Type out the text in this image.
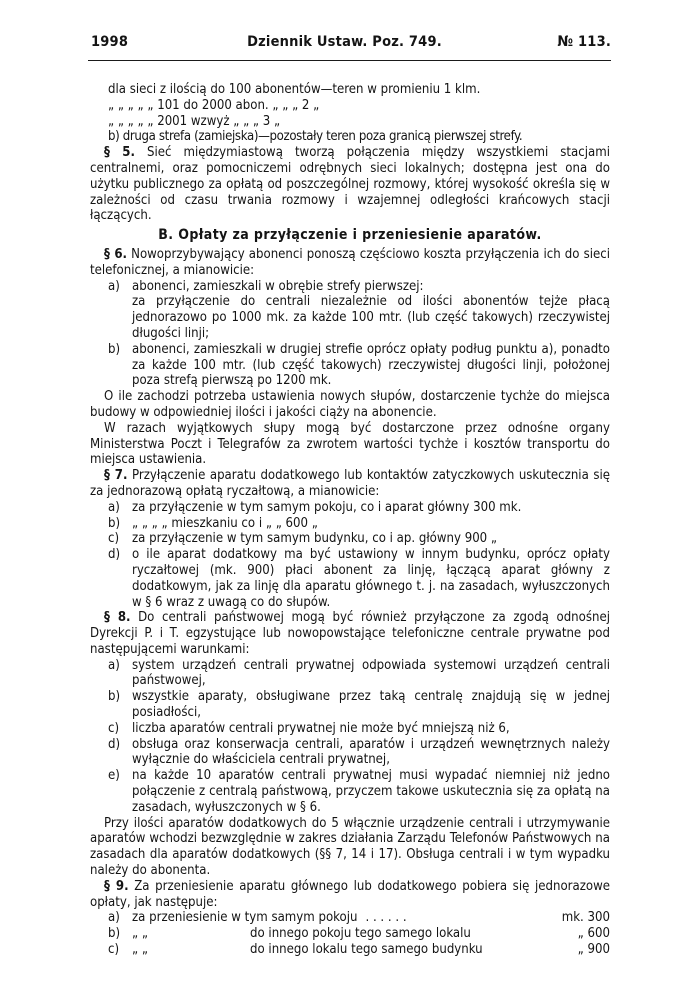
1998	Dziennik Ustaw. Poz. 749.	№ 113.
dla sieci z ilością do 100 abonentów—teren w promieniu 1 klm.
„ „ „ „ „ 101 do 2000 abon. „ „ „ 2 „
„ „ „ „ „ 2001 wzwyż „ „ „ 3 „
b) druga strefa (zamiejska)—pozostały teren poza granicą pierwszej strefy.

§ 5. Sieć międzymiastową tworzą połączenia między wszystkiemi stacjami centralnemi, oraz pomocniczemi odrębnych sieci lokalnych; dostępna jest ona do użytku publicznego za opłatą od poszczególnej rozmowy, której wysokość określa się w zależności od czasu trwania rozmowy i wzajemnej odległości krańcowych stacji łączących.

B. Opłaty za przyłączenie i przeniesienie aparatów.

§ 6. Nowoprzybywający abonenci ponoszą częściowo koszta przyłączenia ich do sieci telefonicznej, a mianowicie:

a) abonenci, zamieszkali w obrębie strefy pierwszej:
za przyłączenie do centrali niezależnie od ilości abonentów tejże płacą jednorazowo po 1000 mk. za każde 100 mtr. (lub część takowych) rzeczywistej długości linji;
b) abonenci, zamieszkali w drugiej strefie oprócz opłaty podług punktu a), ponadto za każde 100 mtr. (lub część takowych) rzeczywistej długości linji, położonej poza strefą pierwszą po 1200 mk.

O ile zachodzi potrzeba ustawienia nowych słupów, dostarczenie tychże do miejsca budowy w odpowiedniej ilości i jakości ciąży na abonencie.

W razach wyjątkowych słupy mogą być dostarczone przez odnośne organy Ministerstwa Poczt i Telegrafów za zwrotem wartości tychże i kosztów transportu do miejsca ustawienia.

§ 7. Przyłączenie aparatu dodatkowego lub kontaktów zatyczkowych uskutecznia się za jednorazową opłatą ryczałtową, a mianowicie:

a) za przyłączenie w tym samym pokoju, co i aparat główny 300 mk.
b) „ „ „ „ mieszkaniu co i „ „ 600 „
c) za przyłączenie w tym samym budynku, co i ap. główny 900 „
d) o ile aparat dodatkowy ma być ustawiony w innym budynku, oprócz opłaty ryczałtowej (mk. 900) płaci abonent za linję, łączącą aparat główny z dodatkowym, jak za linję dla aparatu głównego t. j. na zasadach, wyłuszczonych w § 6 wraz z uwagą co do słupów.

§ 8. Do centrali państwowej mogą być również przyłączone za zgodą odnośnej Dyrekcji P. i T. egzystujące lub nowopowstające telefoniczne centrale prywatne pod następującemi warunkami:

a) system urządzeń centrali prywatnej odpowiada systemowi urządzeń centrali państwowej,
b) wszystkie aparaty, obsługiwane przez taką centralę znajdują się w jednej posiadłości,
c) liczba aparatów centrali prywatnej nie może być mniejszą niż 6,
d) obsługa oraz konserwacja centrali, aparatów i urządzeń wewnętrznych należy wyłącznie do właściciela centrali prywatnej,
e) na każde 10 aparatów centrali prywatnej musi wypadać niemniej niż jedno połączenie z centralą państwową, przyczem takowe uskutecznia się za opłatą na zasadach, wyłuszczonych w § 6.

Przy ilości aparatów dodatkowych do 5 włącznie urządzenie centrali i utrzymywanie aparatów wchodzi bezwzględnie w zakres działania Zarządu Telefonów Państwowych na zasadach dla aparatów dodatkowych (§§ 7, 14 i 17). Obsługa centrali i w tym wypadku należy do abonenta.

§ 9. Za przeniesienie aparatu głównego lub dodatkowego pobiera się jednorazowe opłaty, jak następuje:

a) za przeniesienie w tym samym pokoju . . . . . .	mk. 300
b) „ „	do innego pokoju tego samego lokalu	„ 600
c) „ „	do innego lokalu tego samego budynku	„ 900
